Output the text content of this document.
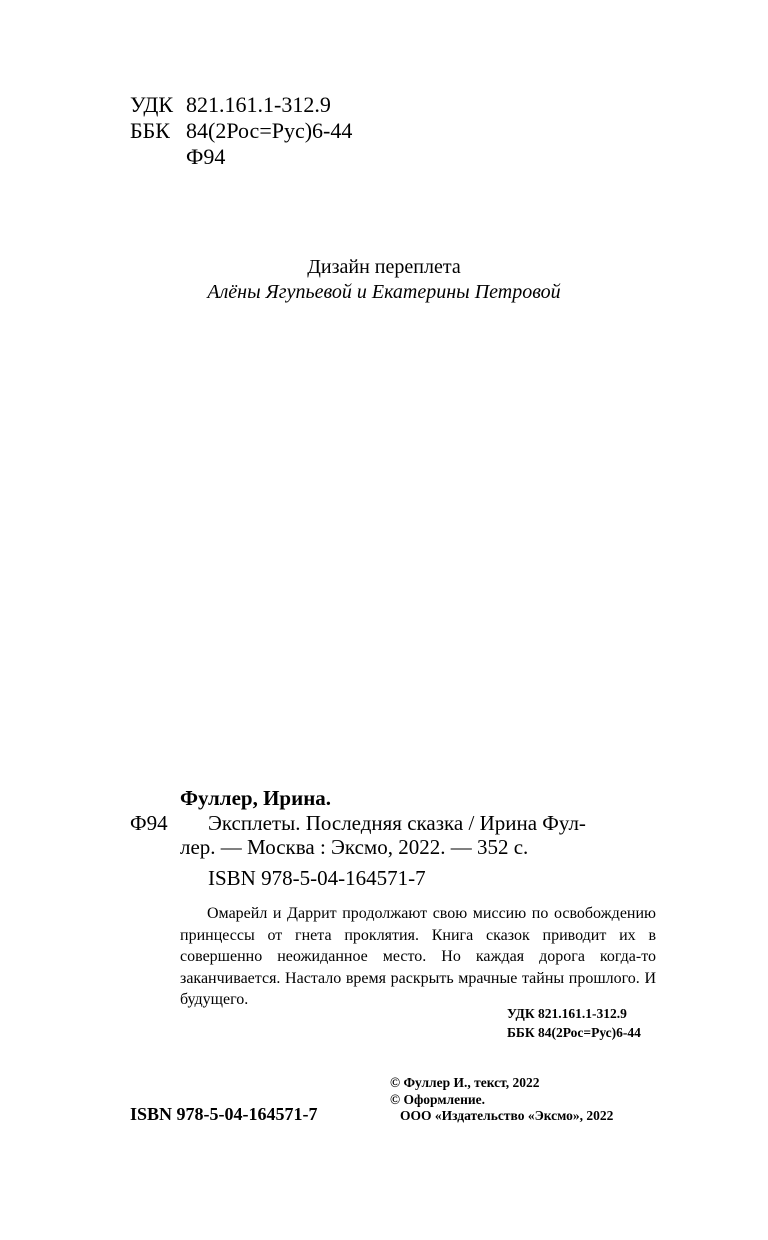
УДК 821.161.1-312.9
ББК 84(2Рос=Рус)6-44
Ф94
Дизайн переплета
Алёны Ягупьевой и Екатерины Петровой
Фуллер, Ирина.
Ф94 Эксплеты. Последняя сказка / Ирина Фул-
лер. — Москва : Эксмо, 2022. — 352 с.
ISBN 978-5-04-164571-7
Омарейл и Даррит продолжают свою миссию по освобождению принцессы от гнета проклятия. Книга сказок приводит их в совершенно неожиданное место. Но каждая дорога когда-то заканчивается. Настало время раскрыть мрачные тайны прошлого. И будущего.
УДК 821.161.1-312.9
ББК 84(2Рос=Рус)6-44
© Фуллер И., текст, 2022
© Оформление.
ООО «Издательство «Эксмо», 2022
ISBN 978-5-04-164571-7
